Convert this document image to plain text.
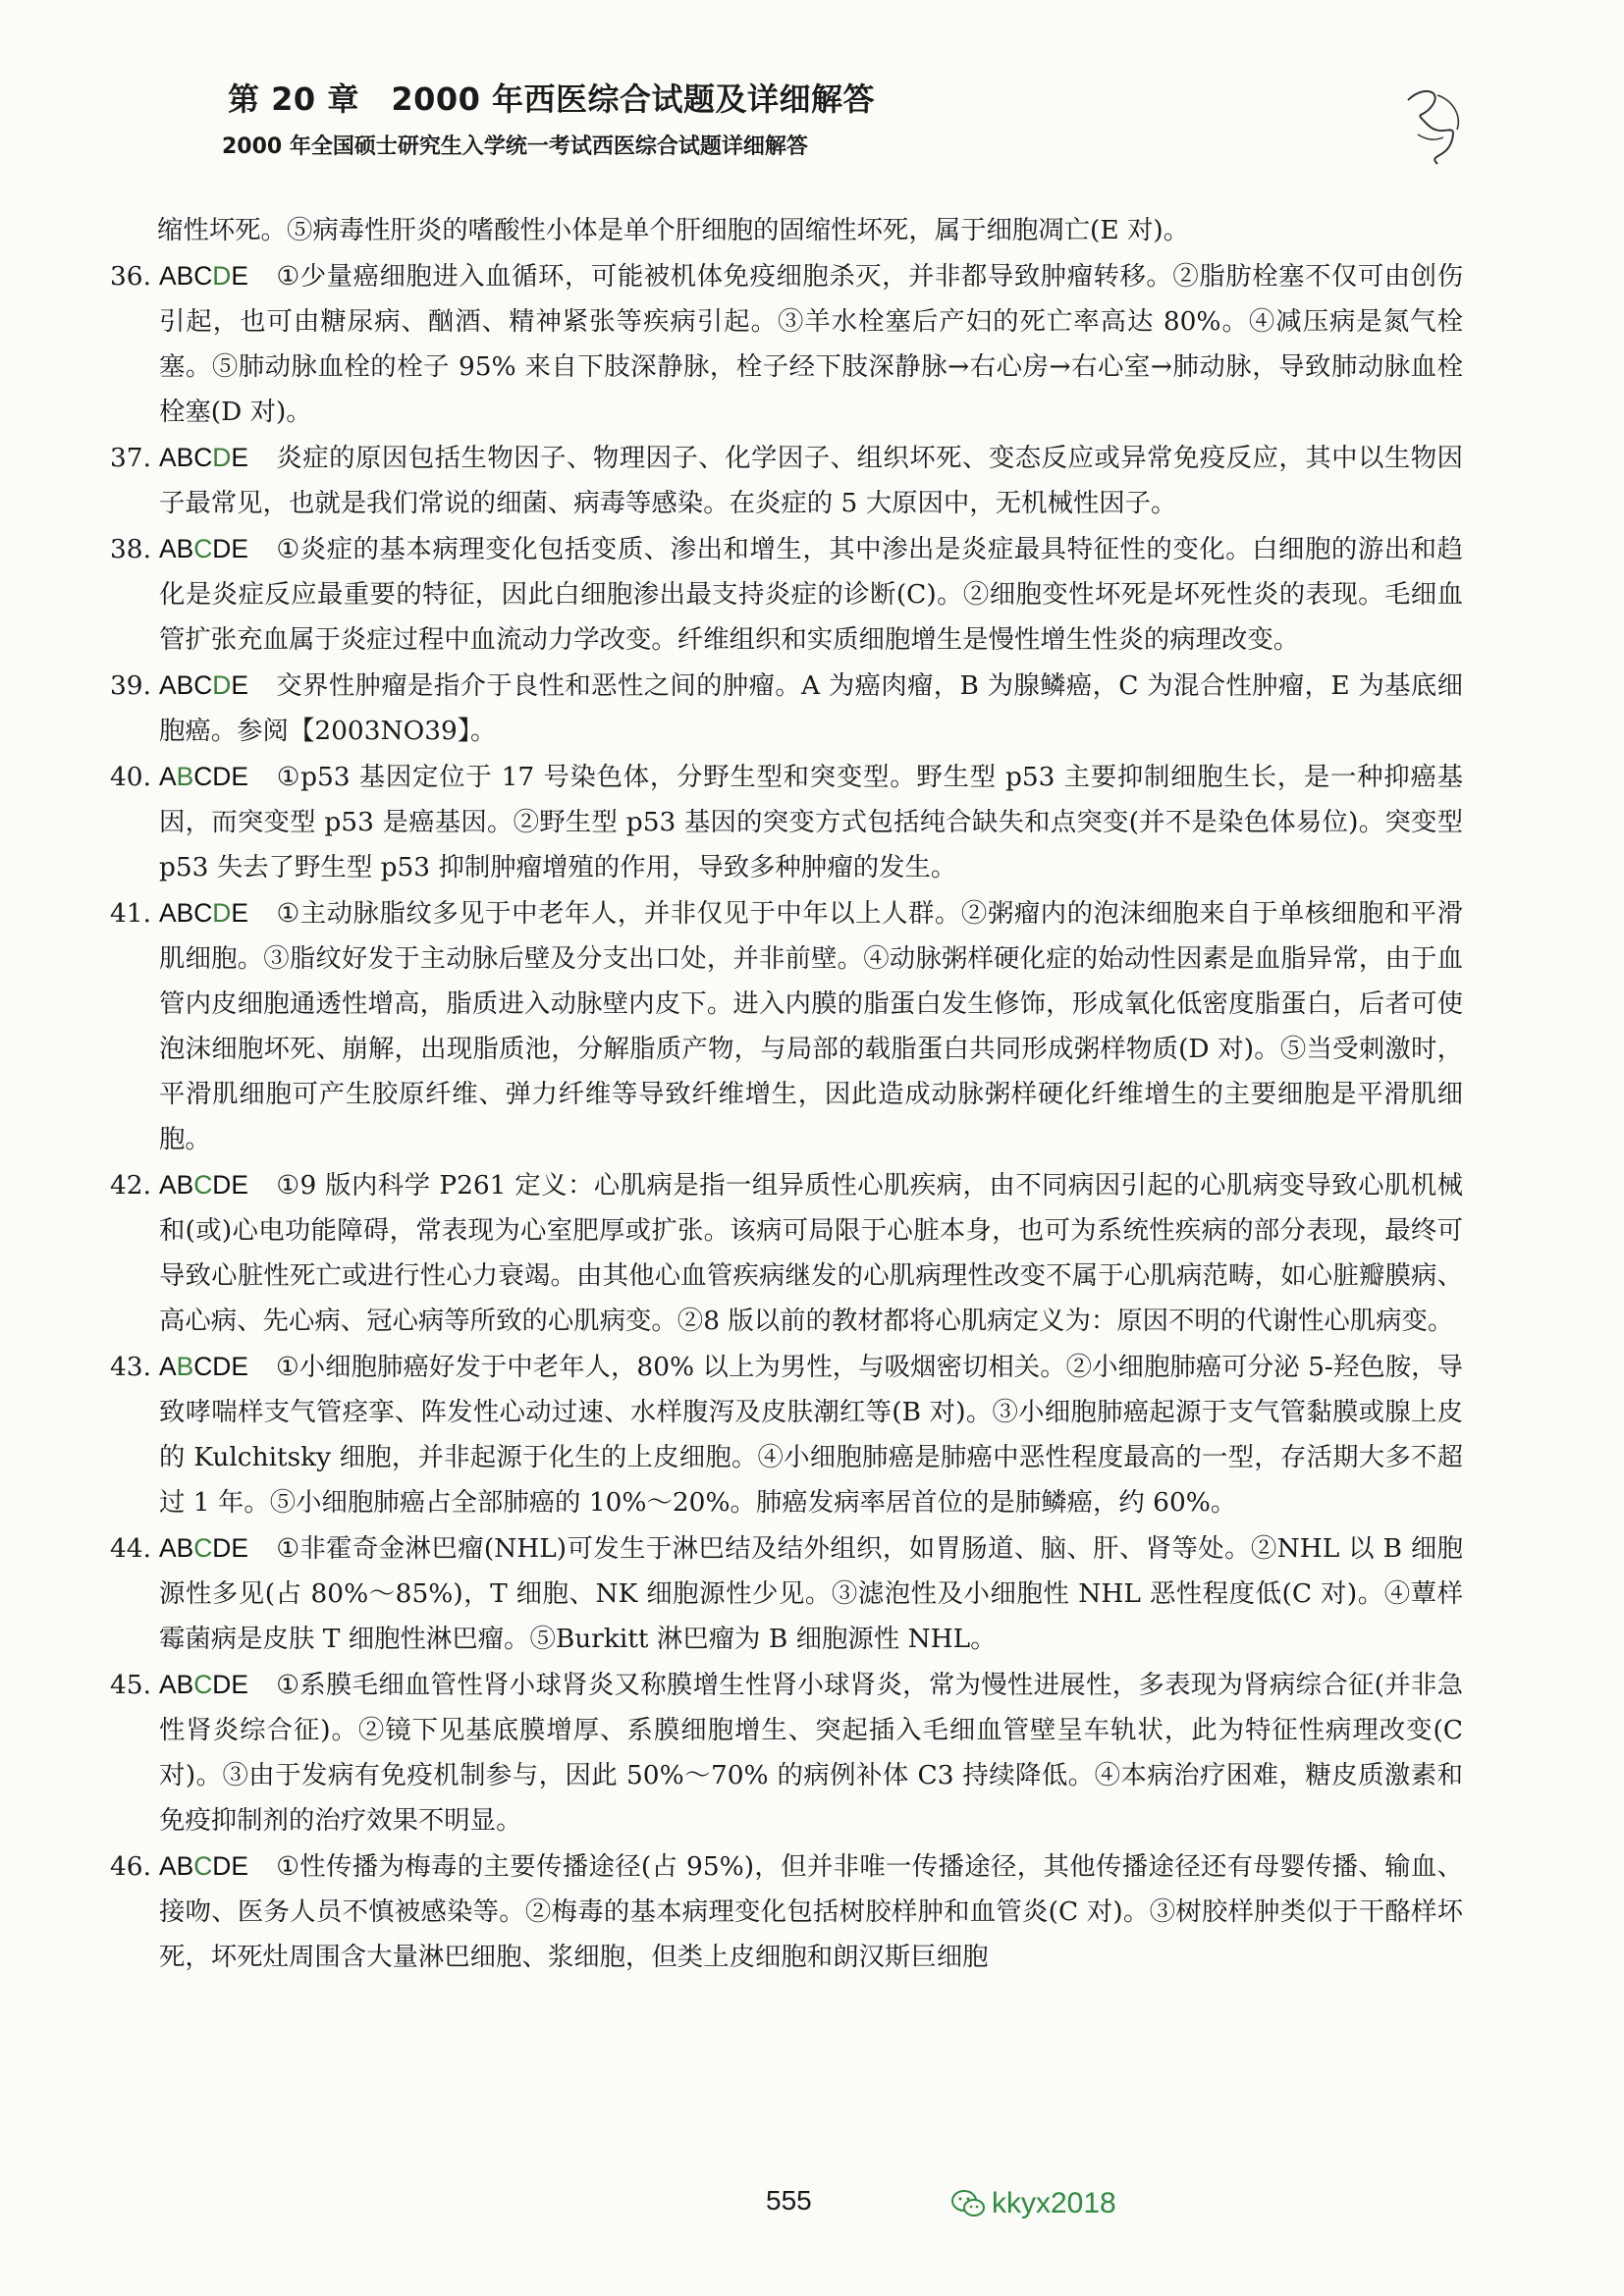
第 20 章　2000 年西医综合试题及详细解答
2000 年全国硕士研究生入学统一考试西医综合试题详细解答
缩性坏死。⑤病毒性肝炎的嗜酸性小体是单个肝细胞的固缩性坏死，属于细胞凋亡(E 对)。
36. ABCDE ①少量癌细胞进入血循环，可能被机体免疫细胞杀灭，并非都导致肿瘤转移。②脂肪栓塞不仅可由创伤引起，也可由糖尿病、酗酒、精神紧张等疾病引起。③羊水栓塞后产妇的死亡率高达 80%。④减压病是氮气栓塞。⑤肺动脉血栓的栓子 95% 来自下肢深静脉，栓子经下肢深静脉→右心房→右心室→肺动脉，导致肺动脉血栓栓塞(D 对)。
37. ABCDE 炎症的原因包括生物因子、物理因子、化学因子、组织坏死、变态反应或异常免疫反应，其中以生物因子最常见，也就是我们常说的细菌、病毒等感染。在炎症的 5 大原因中，无机械性因子。
38. ABCDE ①炎症的基本病理变化包括变质、渗出和增生，其中渗出是炎症最具特征性的变化。白细胞的游出和趋化是炎症反应最重要的特征，因此白细胞渗出最支持炎症的诊断(C)。②细胞变性坏死是坏死性炎的表现。毛细血管扩张充血属于炎症过程中血流动力学改变。纤维组织和实质细胞增生是慢性增生性炎的病理改变。
39. ABCDE 交界性肿瘤是指介于良性和恶性之间的肿瘤。A 为癌肉瘤，B 为腺鳞癌，C 为混合性肿瘤，E 为基底细胞癌。参阅【2003NO39】。
40. ABCDE ①p53 基因定位于 17 号染色体，分野生型和突变型。野生型 p53 主要抑制细胞生长，是一种抑癌基因，而突变型 p53 是癌基因。②野生型 p53 基因的突变方式包括纯合缺失和点突变(并不是染色体易位)。突变型 p53 失去了野生型 p53 抑制肿瘤增殖的作用，导致多种肿瘤的发生。
41. ABCDE ①主动脉脂纹多见于中老年人，并非仅见于中年以上人群。②粥瘤内的泡沫细胞来自于单核细胞和平滑肌细胞。③脂纹好发于主动脉后壁及分支出口处，并非前壁。④动脉粥样硬化症的始动性因素是血脂异常，由于血管内皮细胞通透性增高，脂质进入动脉壁内皮下。进入内膜的脂蛋白发生修饰，形成氧化低密度脂蛋白，后者可使泡沫细胞坏死、崩解，出现脂质池，分解脂质产物，与局部的载脂蛋白共同形成粥样物质(D 对)。⑤当受刺激时，平滑肌细胞可产生胶原纤维、弹力纤维等导致纤维增生，因此造成动脉粥样硬化纤维增生的主要细胞是平滑肌细胞。
42. ABCDE ①9 版内科学 P261 定义：心肌病是指一组异质性心肌疾病，由不同病因引起的心肌病变导致心肌机械和(或)心电功能障碍，常表现为心室肥厚或扩张。该病可局限于心脏本身，也可为系统性疾病的部分表现，最终可导致心脏性死亡或进行性心力衰竭。由其他心血管疾病继发的心肌病理性改变不属于心肌病范畴，如心脏瓣膜病、高心病、先心病、冠心病等所致的心肌病变。②8 版以前的教材都将心肌病定义为：原因不明的代谢性心肌病变。
43. ABCDE ①小细胞肺癌好发于中老年人，80% 以上为男性，与吸烟密切相关。②小细胞肺癌可分泌 5-羟色胺，导致哮喘样支气管痉挛、阵发性心动过速、水样腹泻及皮肤潮红等(B 对)。③小细胞肺癌起源于支气管黏膜或腺上皮的 Kulchitsky 细胞，并非起源于化生的上皮细胞。④小细胞肺癌是肺癌中恶性程度最高的一型，存活期大多不超过 1 年。⑤小细胞肺癌占全部肺癌的 10%～20%。肺癌发病率居首位的是肺鳞癌，约 60%。
44. ABCDE ①非霍奇金淋巴瘤(NHL)可发生于淋巴结及结外组织，如胃肠道、脑、肝、肾等处。②NHL 以 B 细胞源性多见(占 80%～85%)，T 细胞、NK 细胞源性少见。③滤泡性及小细胞性 NHL 恶性程度低(C 对)。④蕈样霉菌病是皮肤 T 细胞性淋巴瘤。⑤Burkitt 淋巴瘤为 B 细胞源性 NHL。
45. ABCDE ①系膜毛细血管性肾小球肾炎又称膜增生性肾小球肾炎，常为慢性进展性，多表现为肾病综合征(并非急性肾炎综合征)。②镜下见基底膜增厚、系膜细胞增生、突起插入毛细血管壁呈车轨状，此为特征性病理改变(C 对)。③由于发病有免疫机制参与，因此 50%～70% 的病例补体 C3 持续降低。④本病治疗困难，糖皮质激素和免疫抑制剂的治疗效果不明显。
46. ABCDE ①性传播为梅毒的主要传播途径(占 95%)，但并非唯一传播途径，其他传播途径还有母婴传播、输血、接吻、医务人员不慎被感染等。②梅毒的基本病理变化包括树胶样肿和血管炎(C 对)。③树胶样肿类似于干酪样坏死，坏死灶周围含大量淋巴细胞、浆细胞，但类上皮细胞和朗汉斯巨细胞
555	kkyx2018
